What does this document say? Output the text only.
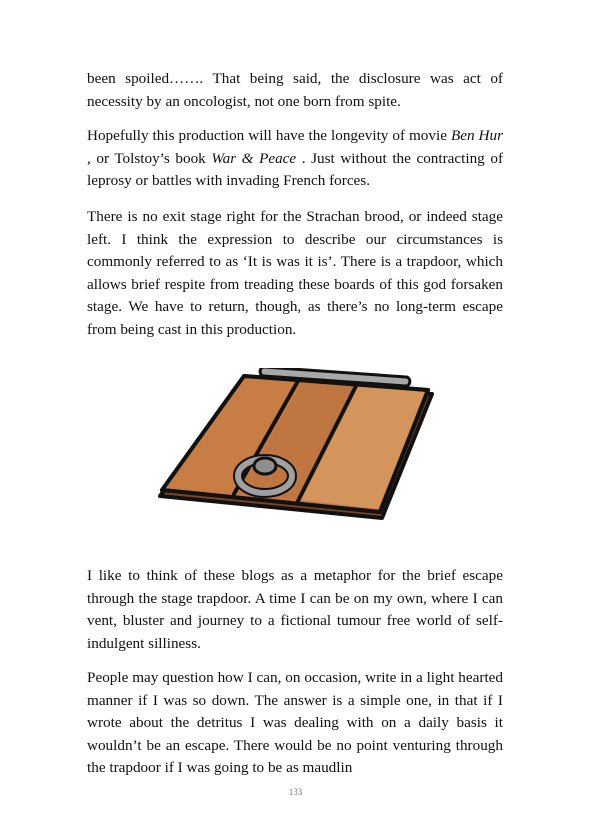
been spoiled……. That being said, the disclosure was act of necessity by an oncologist, not one born from spite.

Hopefully this production will have the longevity of movie Ben Hur , or Tolstoy’s book War & Peace . Just without the contracting of leprosy or battles with invading French forces.

There is no exit stage right for the Strachan brood, or indeed stage left. I think the expression to describe our circumstances is commonly referred to as ‘It is was it is’. There is a trapdoor, which allows brief respite from treading these boards of this god forsaken stage. We have to return, though, as there’s no long-term escape from being cast in this production.

I like to think of these blogs as a metaphor for the brief escape through the stage trapdoor. A time I can be on my own, where I can vent, bluster and journey to a fictional tumour free world of self-indulgent silliness.

People may question how I can, on occasion, write in a light hearted manner if I was so down. The answer is a simple one, in that if I wrote about the detritus I was dealing with on a daily basis it wouldn’t be an escape. There would be no point venturing through the trapdoor if I was going to be as maudlin

133
